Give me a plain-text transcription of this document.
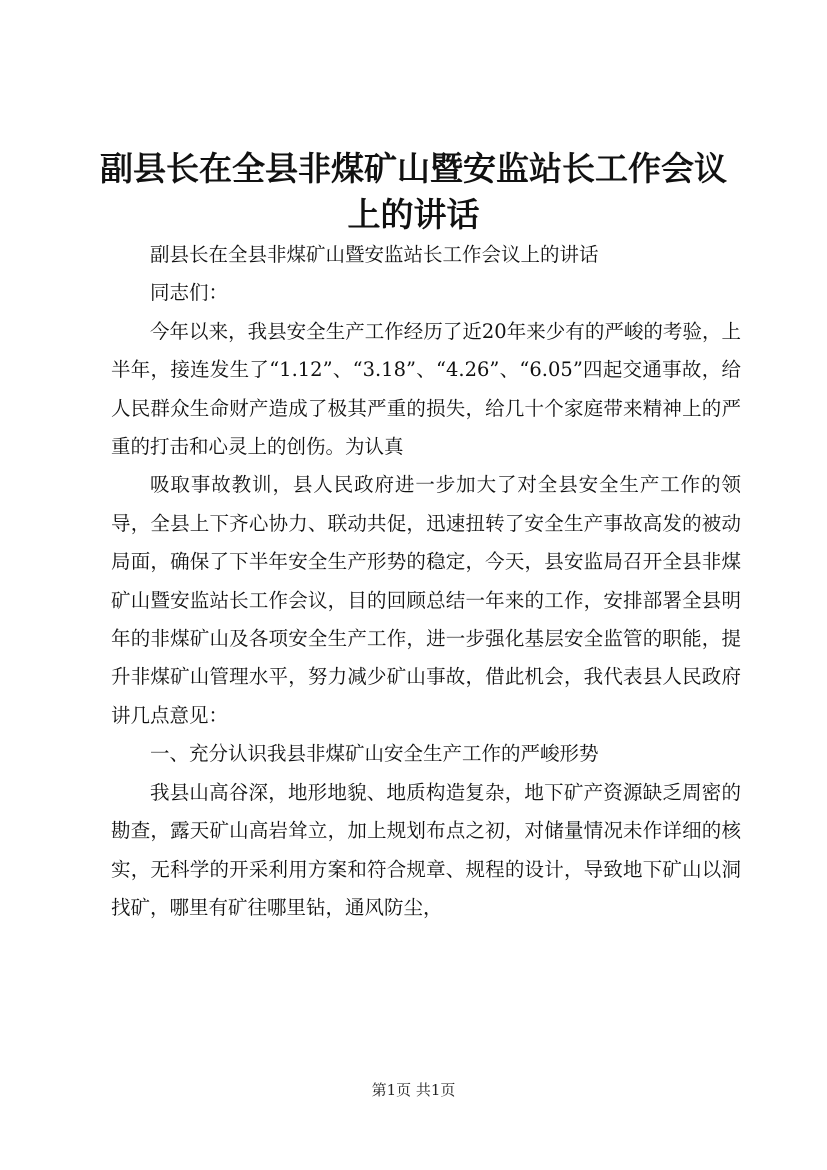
副县长在全县非煤矿山暨安监站长工作会议上的讲话

副县长在全县非煤矿山暨安监站长工作会议上的讲话

同志们：

今年以来，我县安全生产工作经历了近20年来少有的严峻的考验，上半年，接连发生了“1.12”、“3.18”、“4.26”、“6.05”四起交通事故，给人民群众生命财产造成了极其严重的损失，给几十个家庭带来精神上的严重的打击和心灵上的创伤。为认真

吸取事故教训，县人民政府进一步加大了对全县安全生产工作的领导，全县上下齐心协力、联动共促，迅速扭转了安全生产事故高发的被动局面，确保了下半年安全生产形势的稳定，今天，县安监局召开全县非煤矿山暨安监站长工作会议，目的回顾总结一年来的工作，安排部署全县明年的非煤矿山及各项安全生产工作，进一步强化基层安全监管的职能，提升非煤矿山管理水平，努力减少矿山事故，借此机会，我代表县人民政府讲几点意见：

一、充分认识我县非煤矿山安全生产工作的严峻形势

我县山高谷深，地形地貌、地质构造复杂，地下矿产资源缺乏周密的勘查，露天矿山高岩耸立，加上规划布点之初，对储量情况未作详细的核实，无科学的开采利用方案和符合规章、规程的设计，导致地下矿山以洞找矿，哪里有矿往哪里钻，通风防尘，

第1页 共1页
